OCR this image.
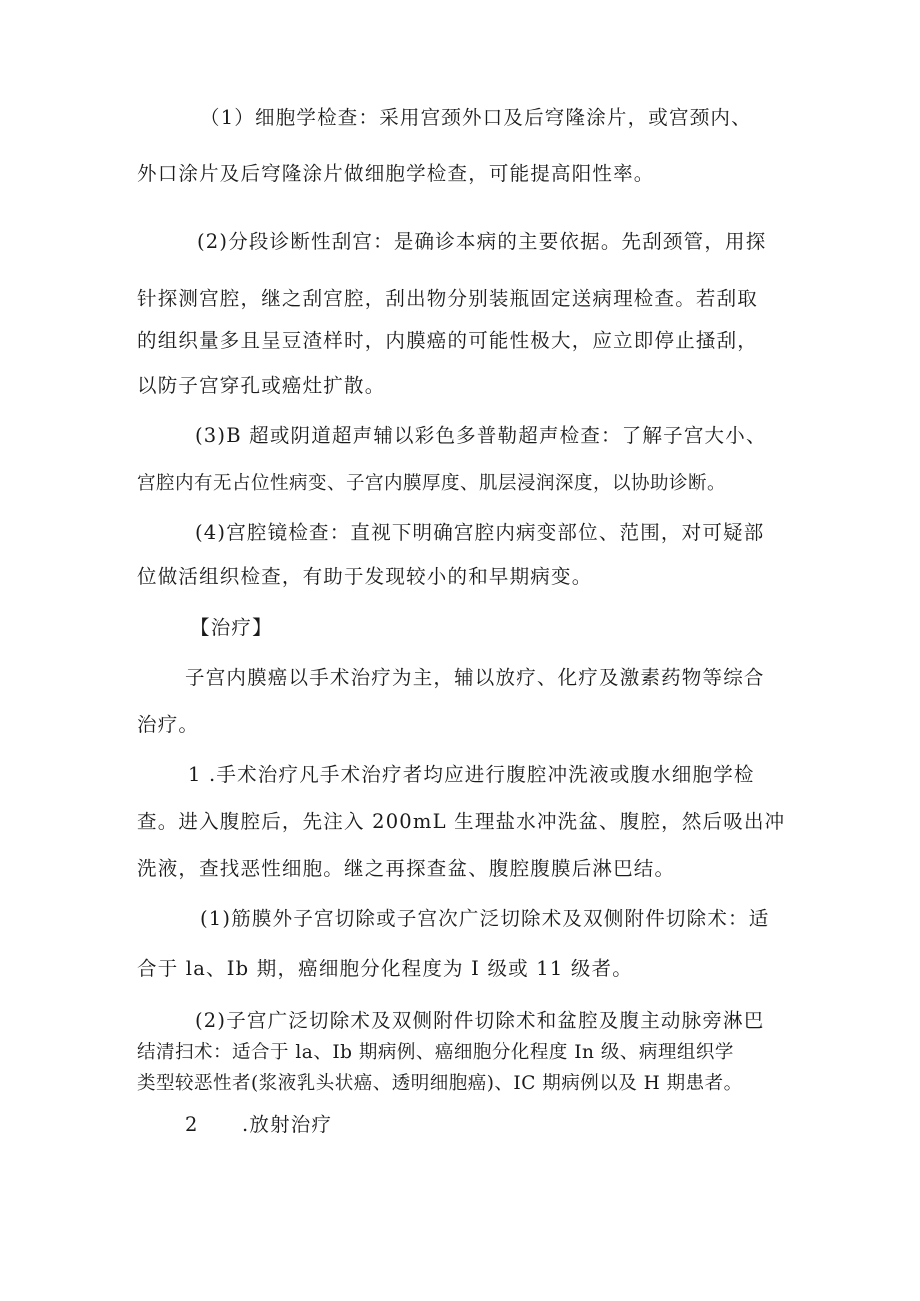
（1）细胞学检查：采用宫颈外口及后穹隆涂片，或宫颈内、
外口涂片及后穹隆涂片做细胞学检查，可能提高阳性率。
(2)分段诊断性刮宫：是确诊本病的主要依据。先刮颈管，用探
针探测宫腔，继之刮宫腔，刮出物分别装瓶固定送病理检查。若刮取
的组织量多且呈豆渣样时，内膜癌的可能性极大，应立即停止搔刮，
以防子宫穿孔或癌灶扩散。
(3)B 超或阴道超声辅以彩色多普勒超声检查：了解子宫大小、
宫腔内有无占位性病变、子宫内膜厚度、肌层浸润深度，以协助诊断。
(4)宫腔镜检查：直视下明确宫腔内病变部位、范围，对可疑部
位做活组织检查，有助于发现较小的和早期病变。
【治疗】
子宫内膜癌以手术治疗为主，辅以放疗、化疗及激素药物等综合
治疗。
1 .手术治疗凡手术治疗者均应进行腹腔冲洗液或腹水细胞学检
查。进入腹腔后，先注入 200mL 生理盐水冲洗盆、腹腔，然后吸出冲
洗液，查找恶性细胞。继之再探查盆、腹腔腹膜后淋巴结。
(1)筋膜外子宫切除或子宫次广泛切除术及双侧附件切除术：适
合于 la、Ib 期，癌细胞分化程度为 I 级或 11 级者。
(2)子宫广泛切除术及双侧附件切除术和盆腔及腹主动脉旁淋巴
结清扫术：适合于 la、Ib 期病例、癌细胞分化程度 In 级、病理组织学
类型较恶性者(浆液乳头状癌、透明细胞癌)、IC 期病例以及 H 期患者。
2 .放射治疗
